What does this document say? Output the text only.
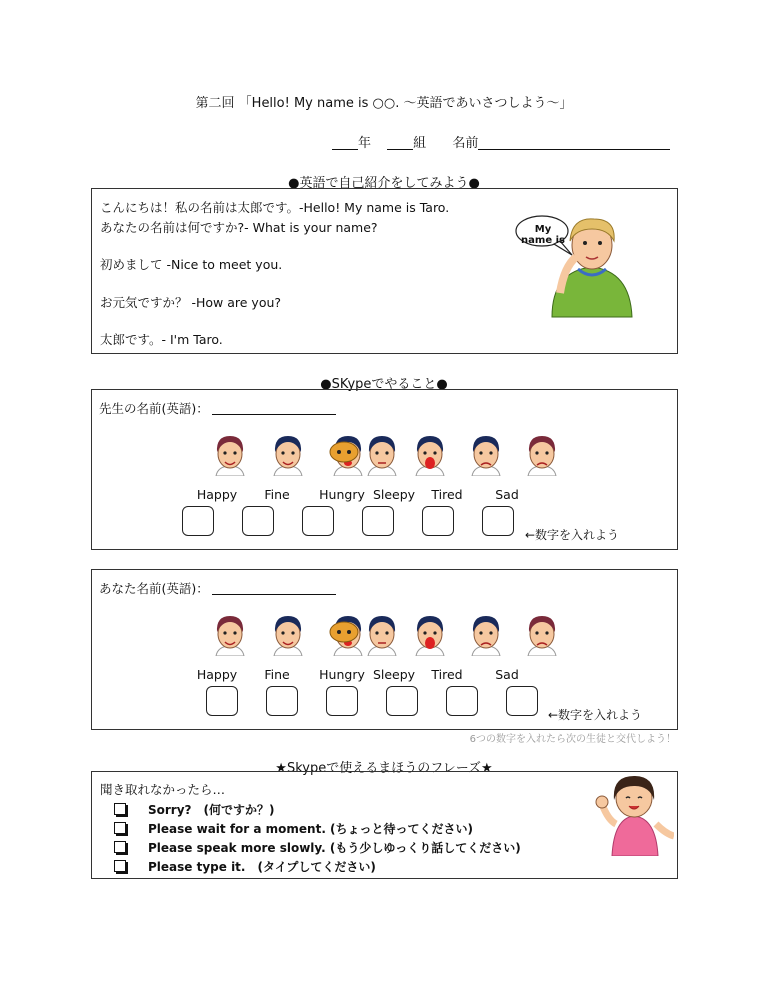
第二回 「Hello! My name is ○○. 〜英語であいさつしよう〜」
年	組 名前
●英語で自己紹介をしてみよう●
こんにちは！私の名前は太郎です。-Hello! My name is Taro.
あなたの名前は何ですか?- What is your name?
初めまして -Nice to meet you.
お元気ですか？ -How are you?
太郎です。- I'm Taro.
My name is
●SKypeでやること●
先生の名前(英語)：
Happy	Fine	Hungry Sleepy	Tired	Sad
←数字を入れよう
あなた名前(英語)：
Happy	Fine	Hungry Sleepy	Tired	Sad
←数字を入れよう
6つの数字を入れたら次の生徒と交代しよう！
★Skypeで使えるまほうのフレーズ★
聞き取れなかったら…
Sorry?　(何ですか？)
Please wait for a moment. (ちょっと待ってください)
Please speak more slowly. (もう少しゆっくり話してください)
Please type it.　(タイプしてください)
